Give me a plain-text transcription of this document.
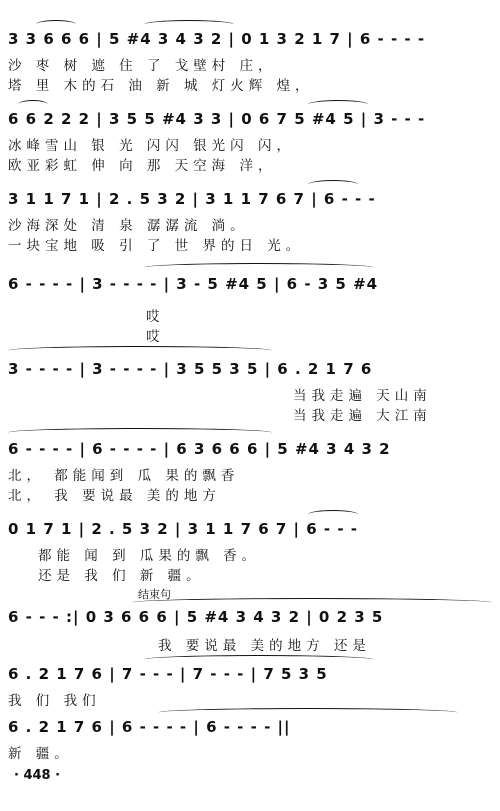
3 3 6 6 6 | 5 #4 3 4 3 2 | 0 1 3 2 1 7 | 6 - - - -
沙 枣 树 遮 住 了 戈壁村 庄，
塔 里 木的石 油 新 城 灯火辉 煌，
6 6 2 2 2 | 3 5 5 #4 3 3 | 0 6 7 5 #4 5 | 3 - - -
冰峰雪山 银 光 闪闪 银光闪 闪，
欧亚彩虹 伸 向 那 天空海 洋，
3 1 1 7 1 | 2 . 5 3 2 | 3 1 1 7 6 7 | 6 - - -
沙海深处 清 泉 潺潺流 淌。
一块宝地 吸 引 了 世 界的日 光。
6 - - - - | 3 - - - - | 3 - 5 #4 5 | 6 - 3 5 #4
哎
哎
3 - - - - | 3 - - - - | 3 5 5 3 5 | 6 . 2 1 7 6
当我走遍 天山南
当我走遍 大江南
6 - - - - | 6 - - - - | 6 3 6 6 6 | 5 #4 3 4 3 2
北， 都能闻到 瓜 果的飘香
北， 我 要说最 美的地方
0 1 7 1 | 2 . 5 3 2 | 3 1 1 7 6 7 | 6 - - -
都能 闻 到 瓜果的飘 香。
还是 我 们 新 疆。
结束句
6 - - - :| 0 3 6 6 6 | 5 #4 3 4 3 2 | 0 2 3 5
我 要说最 美的地方 还是
6 . 2 1 7 6 | 7 - - - | 7 - - - | 7 5 3 5
我 们 我们
6 . 2 1 7 6 | 6 - - - - | 6 - - - - ||
新 疆。
· 448 ·
